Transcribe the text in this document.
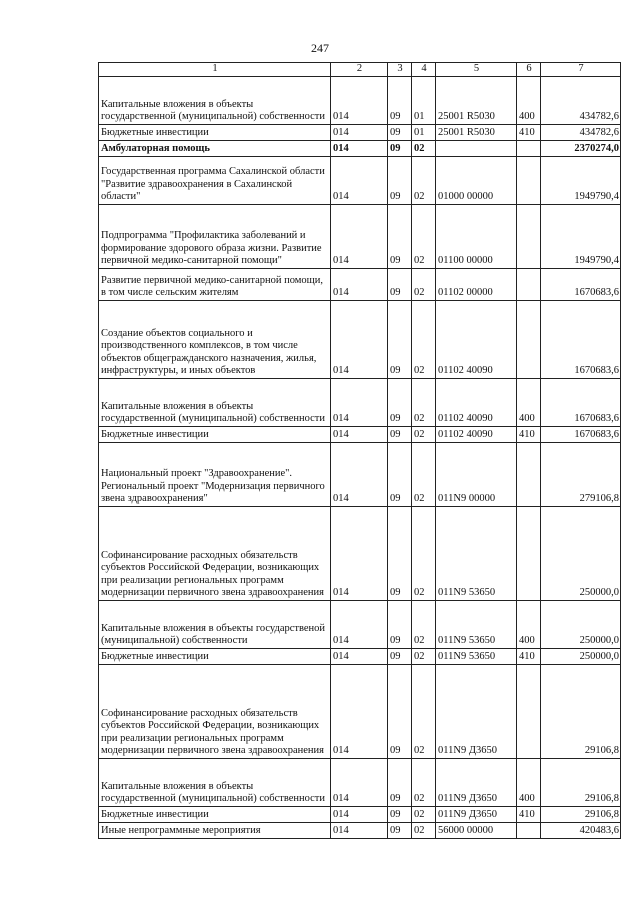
247
1	2	3	4	5	6	7
Капитальные вложения в объекты государственной (муниципальной) собственности	014	09	01	25001 R5030	400	434782,6
Бюджетные инвестиции	014	09	01	25001 R5030	410	434782,6
Амбулаторная помощь	014	09	02			2370274,0
Государственная программа Сахалинской области "Развитие здравоохранения в Сахалинской области"	014	09	02	01000 00000		1949790,4
Подпрограмма "Профилактика заболеваний и формирование здорового образа жизни. Развитие первичной медико-санитарной помощи"	014	09	02	01100 00000		1949790,4
Развитие первичной медико-санитарной помощи, в том числе сельским жителям	014	09	02	01102 00000		1670683,6
Создание объектов социального и производственного комплексов, в том числе объектов общегражданского назначения, жилья, инфраструктуры, и иных объектов	014	09	02	01102 40090		1670683,6
Капитальные вложения в объекты государственной (муниципальной) собственности	014	09	02	01102 40090	400	1670683,6
Бюджетные инвестиции	014	09	02	01102 40090	410	1670683,6
Национальный проект "Здравоохранение". Региональный проект "Модернизация первичного звена здравоохранения"	014	09	02	011N9 00000		279106,8
Софинансирование расходных обязательств субъектов Российской Федерации, возникающих при реализации региональных программ модернизации первичного звена здравоохранения	014	09	02	011N9 53650		250000,0
Капитальные вложения в объекты государственой (муниципальной) собственности	014	09	02	011N9 53650	400	250000,0
Бюджетные инвестиции	014	09	02	011N9 53650	410	250000,0
Софинансирование расходных обязательств субъектов Российской Федерации, возникающих при реализации региональных программ модернизации первичного звена здравоохранения	014	09	02	011N9 Д3650		29106,8
Капитальные вложения в объекты государственной (муниципальной) собственности	014	09	02	011N9 Д3650	400	29106,8
Бюджетные инвестиции	014	09	02	011N9 Д3650	410	29106,8
Иные непрограммные мероприятия	014	09	02	56000 00000		420483,6
